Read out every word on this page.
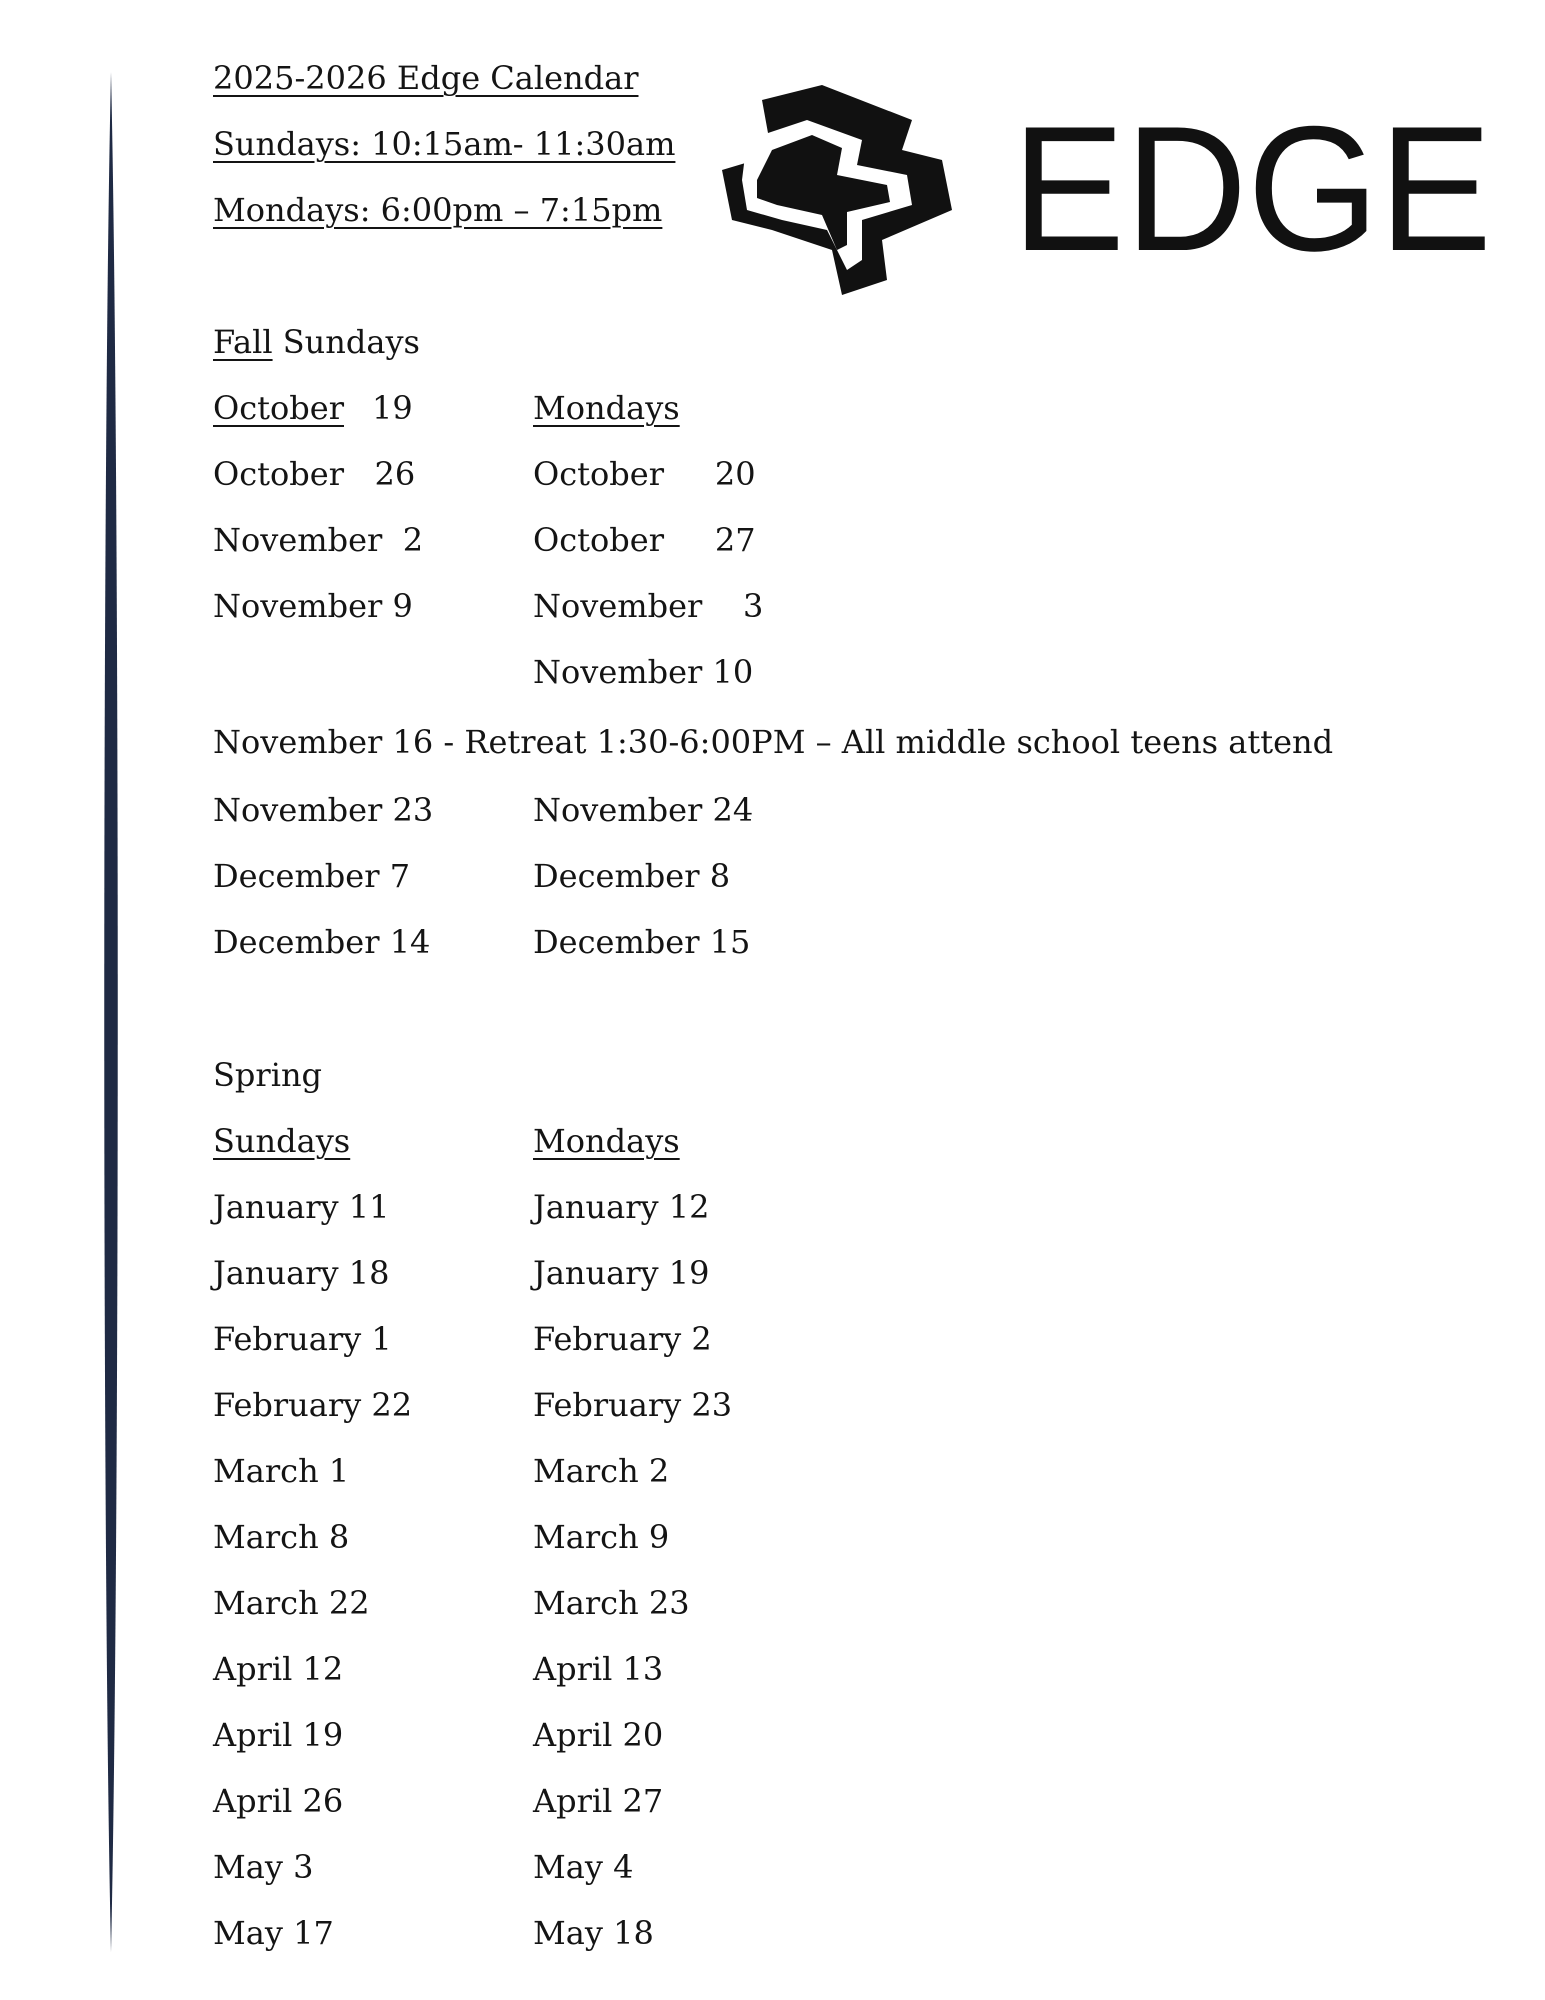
2025-2026 Edge Calendar
Sundays: 10:15am- 11:30am
Mondays: 6:00pm – 7:15pm EDGE
Fall Sundays
October 19	Mondays
October   26
November  2
November 9
October     20
October     27
November    3
November 10
November 16 - Retreat 1:30-6:00PM – All middle school teens attend
November 23
December 7
December 14
November 24
December 8
December 15
Spring
Sundays	Mondays
January 11
January 18
February 1
February 22
March 1
March 8
March 22
April 12
April 19
April 26
May 3
May 17
January 12
January 19
February 2
February 23
March 2
March 9
March 23
April 13
April 20
April 27
May 4
May 18
